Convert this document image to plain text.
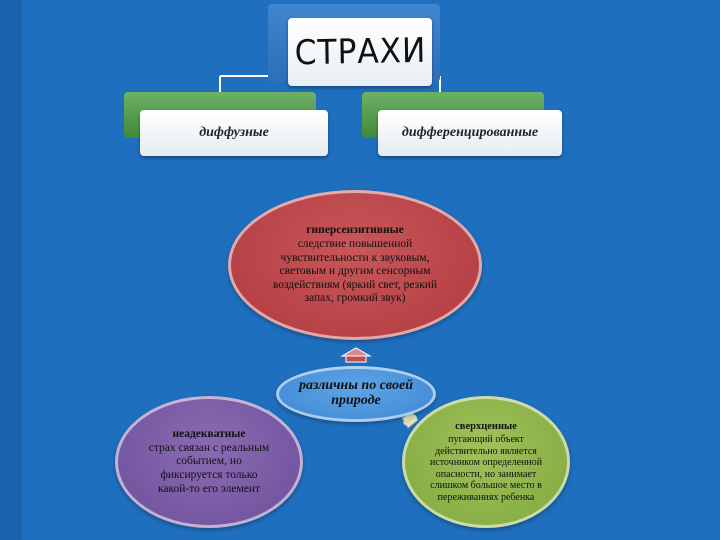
СТРАХИ
диффузные	дифференцированные
гиперсензитивные
следствие повышенной чувствительности к звуковым, световым и другим сенсорным воздействиям (яркий свет, резкий запах, громкий звук)
неадекватные
страх связан с реальным событием, но фиксируется только какой-то его элемент
сверхценные
пугающий объект действительно является источником определенной опасности, но занимает слишком большое место в переживаниях ребенка
различны по своей природе
